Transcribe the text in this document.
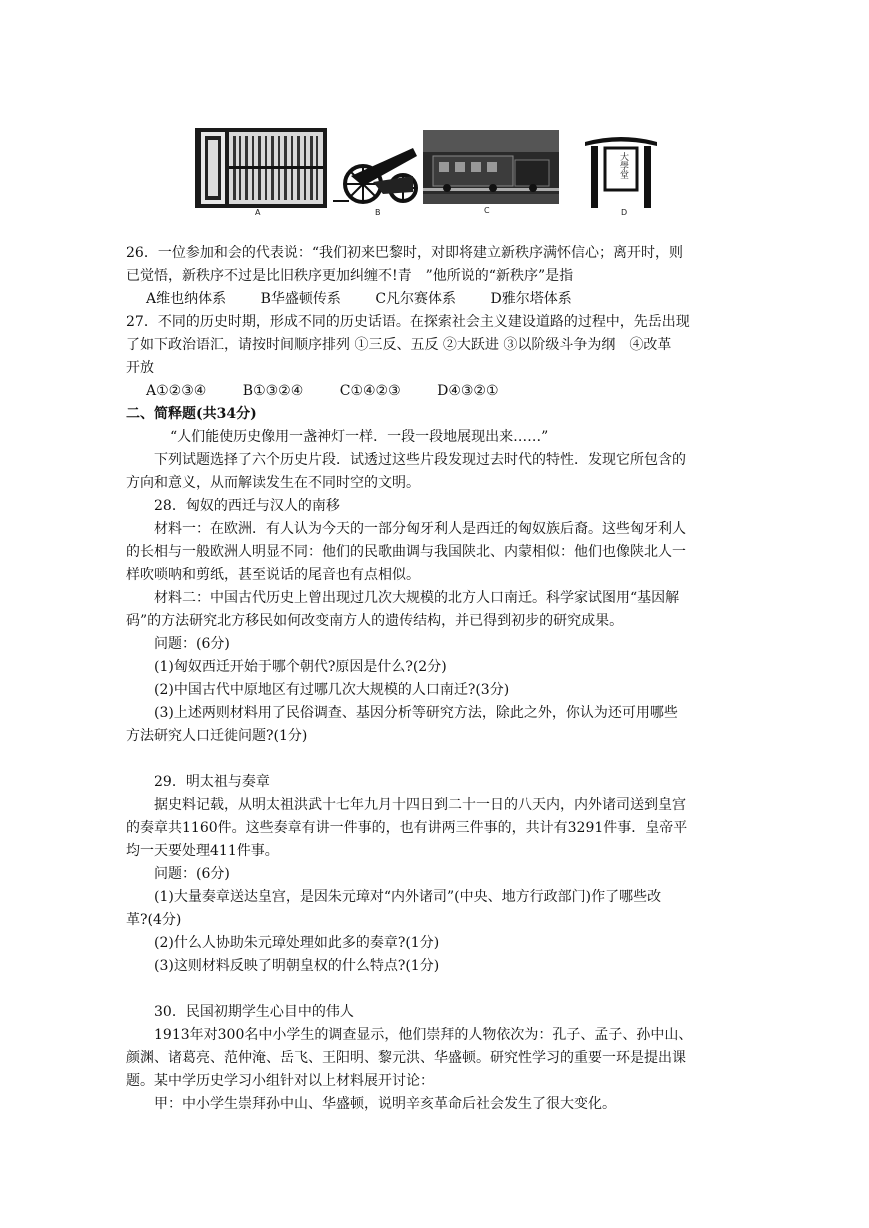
A	B	C
大學堂
D
26．一位参加和会的代表说：“我们初来巴黎时，对即将建立新秩序满怀信心；离开时，则
已觉悟，新秩序不过是比旧秩序更加纠缠不!青　”他所说的“新秩序”是指
A维也纳体系 B华盛顿传系 C凡尔赛体系 D雅尔塔体系
27．不同的历史时期，形成不同的历史话语。在探索社会主义建设道路的过程中，先岳出现
了如下政治语汇，请按时间顺序排列 ①三反、五反 ②大跃进 ③以阶级斗争为纲　④改革
开放
A①②③④	B①③②④	C①④②③	D④③②①
二、简释题(共34分)
“人们能使历史像用一盏神灯一样．一段一段地展现出来……”
下列试题选择了六个历史片段．试透过这些片段发现过去时代的特性．发现它所包含的
方向和意义，从而解读发生在不同时空的文明。
28．匈奴的西迁与汉人的南移
材料一：在欧洲．有人认为今天的一部分匈牙利人是西迁的匈奴族后裔。这些匈牙利人
的长相与一般欧洲人明显不同：他们的民歌曲调与我国陕北、内蒙相似：他们也像陕北人一
样吹唢呐和剪纸，甚至说话的尾音也有点相似。
材料二：中国古代历史上曾出现过几次大规模的北方人口南迁。科学家试图用“基因解
码”的方法研究北方移民如何改变南方人的遗传结构，并已得到初步的研究成果。
问题：(6分)
(1)匈奴西迁开始于哪个朝代?原因是什么?(2分)
(2)中国古代中原地区有过哪几次大规模的人口南迁?(3分)
(3)上述两则材料用了民俗调查、基因分析等研究方法，除此之外，你认为还可用哪些
方法研究人口迁徙问题?(1分)
29．明太祖与奏章
据史料记载，从明太祖洪武十七年九月十四日到二十一日的八天内，内外诸司送到皇宫
的奏章共1160件。这些奏章有讲一件事的，也有讲两三件事的，共计有3291件事．皇帝平
均一天要处理411件事。
问题：(6分)
(1)大量奏章送达皇宫，是因朱元璋对“内外诸司”(中央、地方行政部门)作了哪些改
革?(4分)
(2)什么人协助朱元璋处理如此多的奏章?(1分)
(3)这则材料反映了明朝皇权的什么特点?(1分)
30．民国初期学生心目中的伟人
1913年对300名中小学生的调查显示，他们崇拜的人物依次为：孔子、孟子、孙中山、
颜渊、诸葛亮、范仲淹、岳飞、王阳明、黎元洪、华盛顿。研究性学习的重要一环是提出课
题。某中学历史学习小组针对以上材料展开讨论：
甲：中小学生崇拜孙中山、华盛顿，说明辛亥革命后社会发生了很大变化。
